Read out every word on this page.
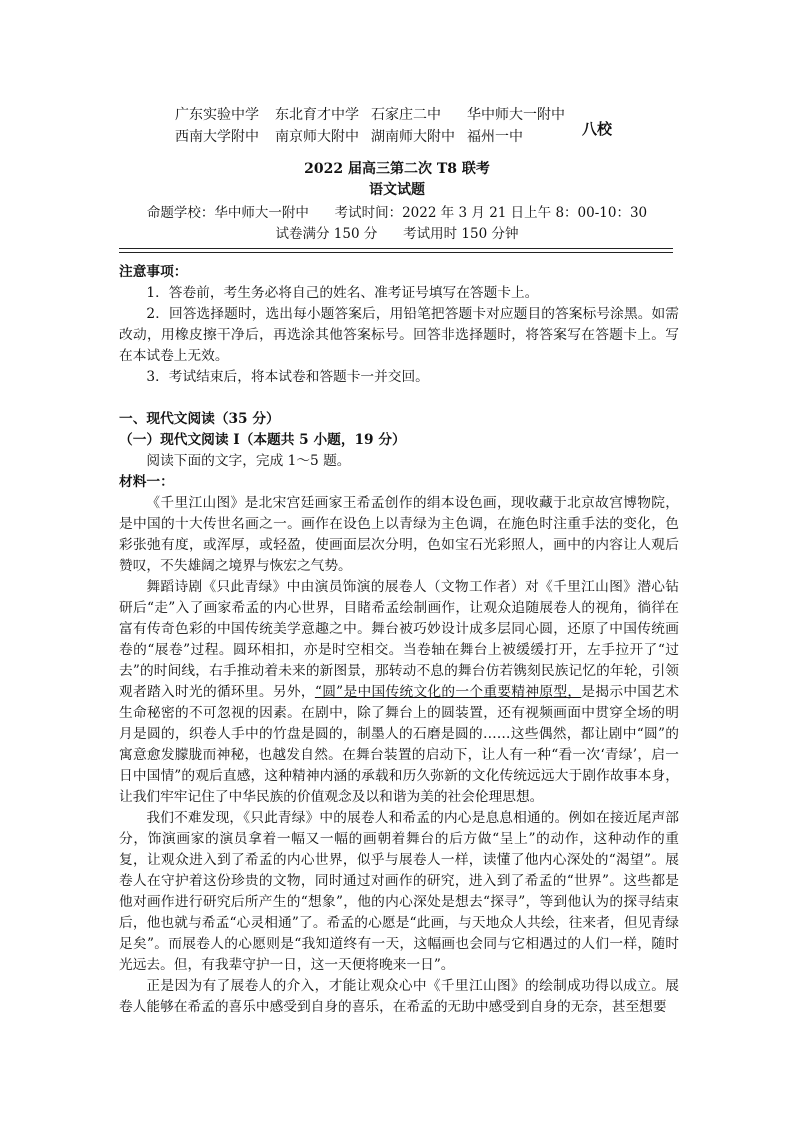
广东实验中学 东北育才中学 石家庄二中 华中师大一附中
西南大学附中 南京师大附中 湖南师大附中 福州一中	八校
2022 届高三第二次 T8 联考
语文试题
命题学校：华中师大一附中      考试时间：2022 年 3 月 21 日上午 8：00-10：30
试卷满分 150 分      考试用时 150 分钟

注意事项：

1．答卷前，考生务必将自己的姓名、准考证号填写在答题卡上。

2．回答选择题时，选出每小题答案后，用铅笔把答题卡对应题目的答案标号涂黑。如需改动，用橡皮擦干净后，再选涂其他答案标号。回答非选择题时，将答案写在答题卡上。写在本试卷上无效。

3．考试结束后，将本试卷和答题卡一并交回。

一、现代文阅读（35 分）

（一）现代文阅读 I（本题共 5 小题，19 分）

阅读下面的文字，完成 1～5 题。

材料一：

《千里江山图》是北宋宫廷画家王希孟创作的绢本设色画，现收藏于北京故宫博物院，是中国的十大传世名画之一。画作在设色上以青绿为主色调，在施色时注重手法的变化，色彩张弛有度，或浑厚，或轻盈，使画面层次分明，色如宝石光彩照人，画中的内容让人观后赞叹，不失雄阔之境界与恢宏之气势。

舞蹈诗剧《只此青绿》中由演员饰演的展卷人（文物工作者）对《千里江山图》潜心钻研后“走”入了画家希孟的内心世界，目睹希孟绘制画作，让观众追随展卷人的视角，徜徉在富有传奇色彩的中国传统美学意趣之中。舞台被巧妙设计成多层同心圆，还原了中国传统画卷的“展卷”过程。圆环相扣，亦是时空相交。当卷轴在舞台上被缓缓打开，左手拉开了“过去”的时间线，右手推动着未来的新图景，那转动不息的舞台仿若镌刻民族记忆的年轮，引领观者踏入时光的循环里。另外，“圆”是中国传统文化的一个重要精神原型，是揭示中国艺术生命秘密的不可忽视的因素。在剧中，除了舞台上的圆装置，还有视频画面中贯穿全场的明月是圆的，织卷人手中的竹盘是圆的，制墨人的石磨是圆的……这些偶然，都让剧中“圆”的寓意愈发朦胧而神秘，也越发自然。在舞台装置的启动下，让人有一种“看一次‘青绿’，启一日中国情”的观后直感，这种精神内涵的承载和历久弥新的文化传统远远大于剧作故事本身，让我们牢牢记住了中华民族的价值观念及以和谐为美的社会伦理思想。

我们不难发现，《只此青绿》中的展卷人和希孟的内心是息息相通的。例如在接近尾声部分，饰演画家的演员拿着一幅又一幅的画朝着舞台的后方做“呈上”的动作，这种动作的重复，让观众进入到了希孟的内心世界，似乎与展卷人一样，读懂了他内心深处的“渴望”。展卷人在守护着这份珍贵的文物，同时通过对画作的研究，进入到了希孟的“世界”。这些都是他对画作进行研究后所产生的“想象”，他的内心深处是想去“探寻”，等到他认为的探寻结束后，他也就与希孟“心灵相通”了。希孟的心愿是“此画，与天地众人共绘，往来者，但见青绿足矣”。而展卷人的心愿则是“我知道终有一天，这幅画也会同与它相遇过的人们一样，随时光远去。但，有我辈守护一日，这一天便将晚来一日”。

正是因为有了展卷人的介入，才能让观众心中《千里江山图》的绘制成功得以成立。展卷人能够在希孟的喜乐中感受到自身的喜乐，在希孟的无助中感受到自身的无奈，甚至想要
